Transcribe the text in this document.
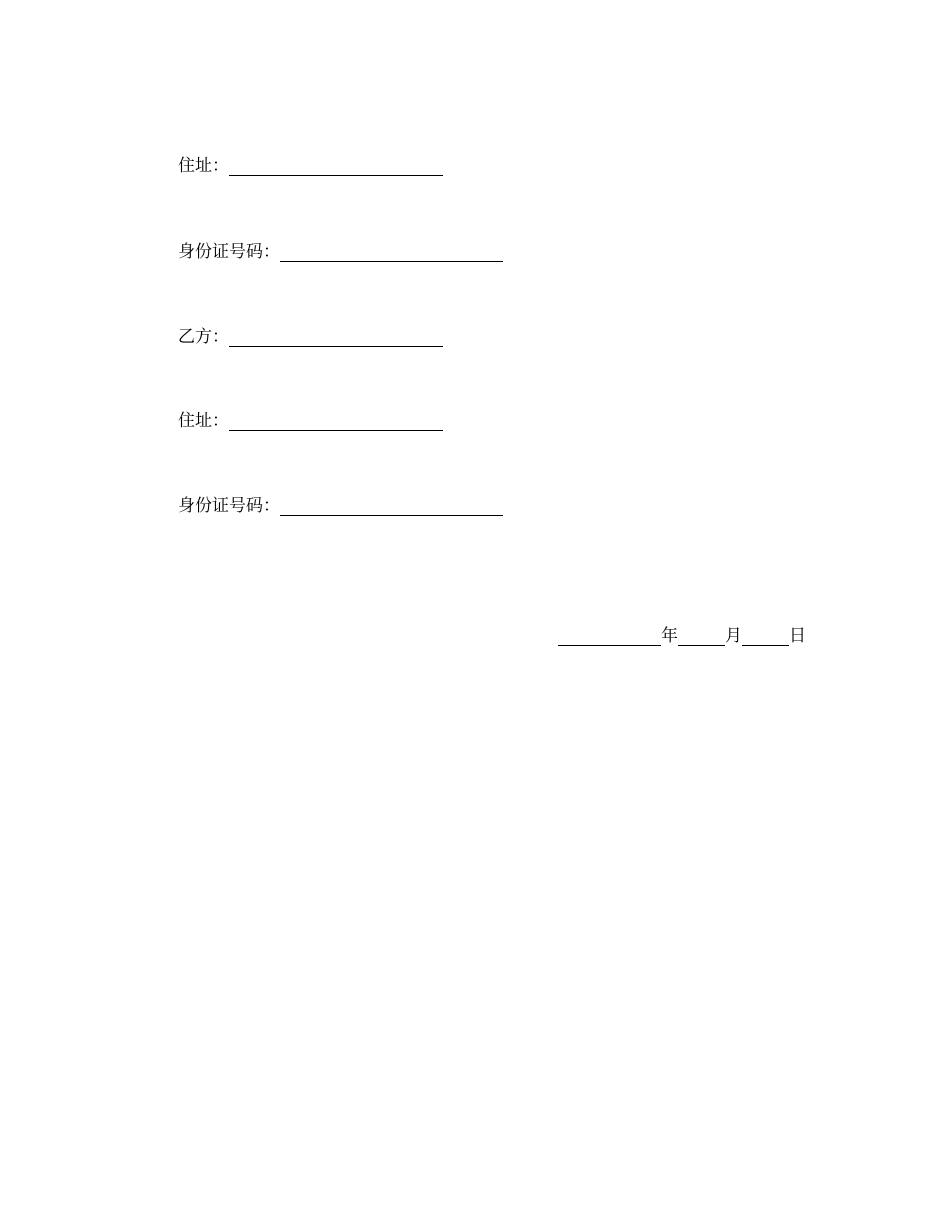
住址：
身份证号码：
乙方：
住址：
身份证号码：
年	月	日
